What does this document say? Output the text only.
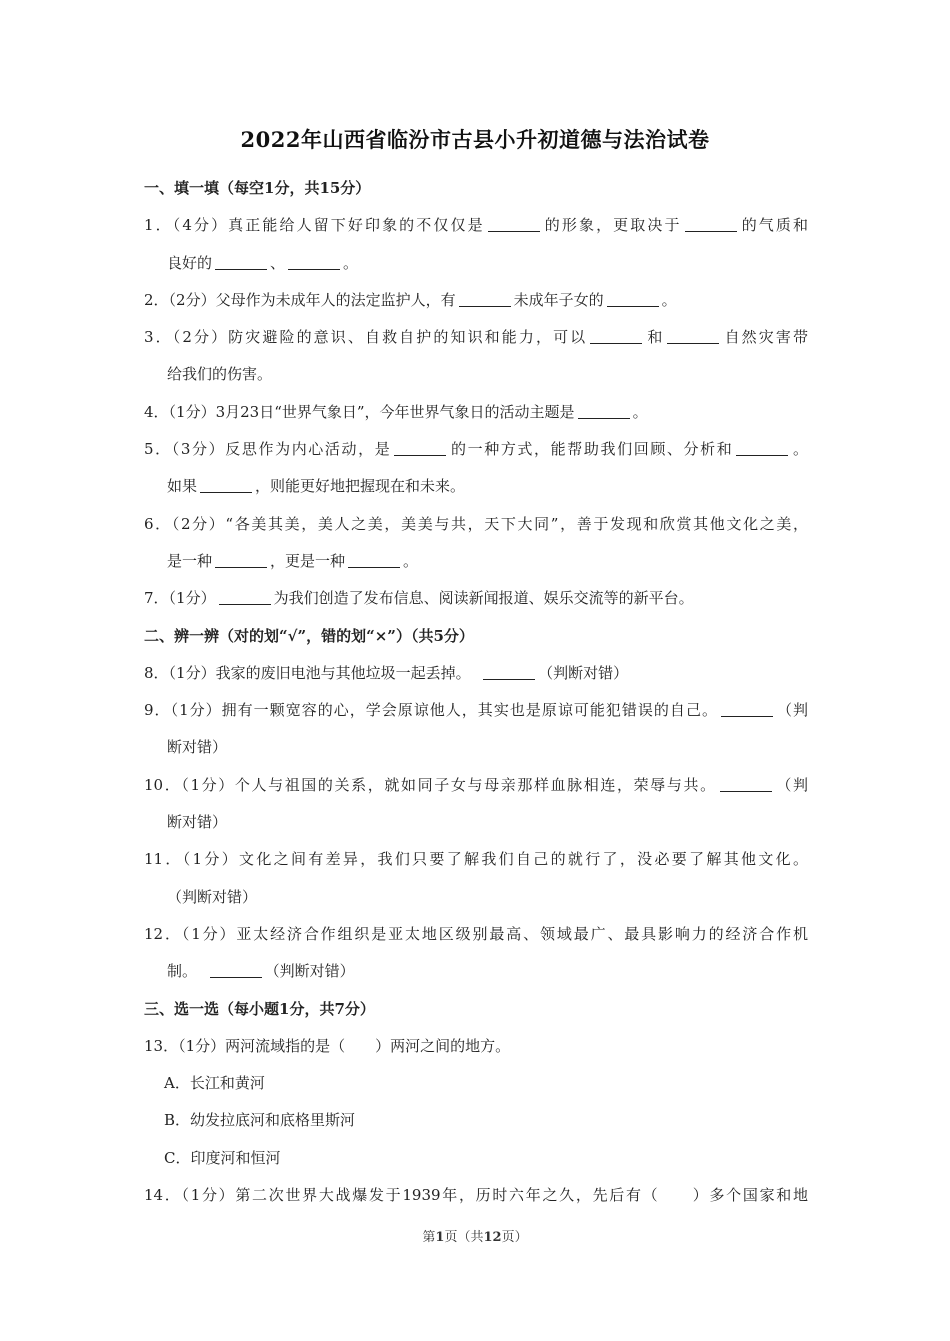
2022年山西省临汾市古县小升初道德与法治试卷
一、填一填（每空1分，共15分）
1．（4分）真正能给人留下好印象的不仅仅是	的形象，更取决于	的气质和
良好的	、	。
2．（2分）父母作为未成年人的法定监护人，有	未成年子女的	。
3．（2分）防灾避险的意识、自救自护的知识和能力，可以	和	自然灾害带
给我们的伤害。
4．（1分）3月23日“世界气象日”，今年世界气象日的活动主题是	。
5．（3分）反思作为内心活动，是	的一种方式，能帮助我们回顾、分析和	。
如果	，则能更好地把握现在和未来。
6．（2分）“各美其美，美人之美，美美与共，天下大同”，善于发现和欣赏其他文化之美，
是一种	，更是一种	。
7．（1分）	为我们创造了发布信息、阅读新闻报道、娱乐交流等的新平台。
二、辨一辨（对的划“√”，错的划“×”）（共5分）
8．（1分）我家的废旧电池与其他垃圾一起丢掉。	（判断对错）
9．（1分）拥有一颗宽容的心，学会原谅他人，其实也是原谅可能犯错误的自己。	（判
断对错）
10．（1分）个人与祖国的关系，就如同子女与母亲那样血脉相连，荣辱与共。	（判
断对错）
11．（1分）文化之间有差异，我们只要了解我们自己的就行了，没必要了解其他文化。
（判断对错）
12．（1分）亚太经济合作组织是亚太地区级别最高、领域最广、最具影响力的经济合作机
制。	（判断对错）
三、选一选（每小题1分，共7分）
13．（1分）两河流域指的是（　　）两河之间的地方。
A．长江和黄河
B．幼发拉底河和底格里斯河
C．印度河和恒河
14．（1分）第二次世界大战爆发于1939年，历时六年之久，先后有（　　）多个国家和地
第1页（共12页）
